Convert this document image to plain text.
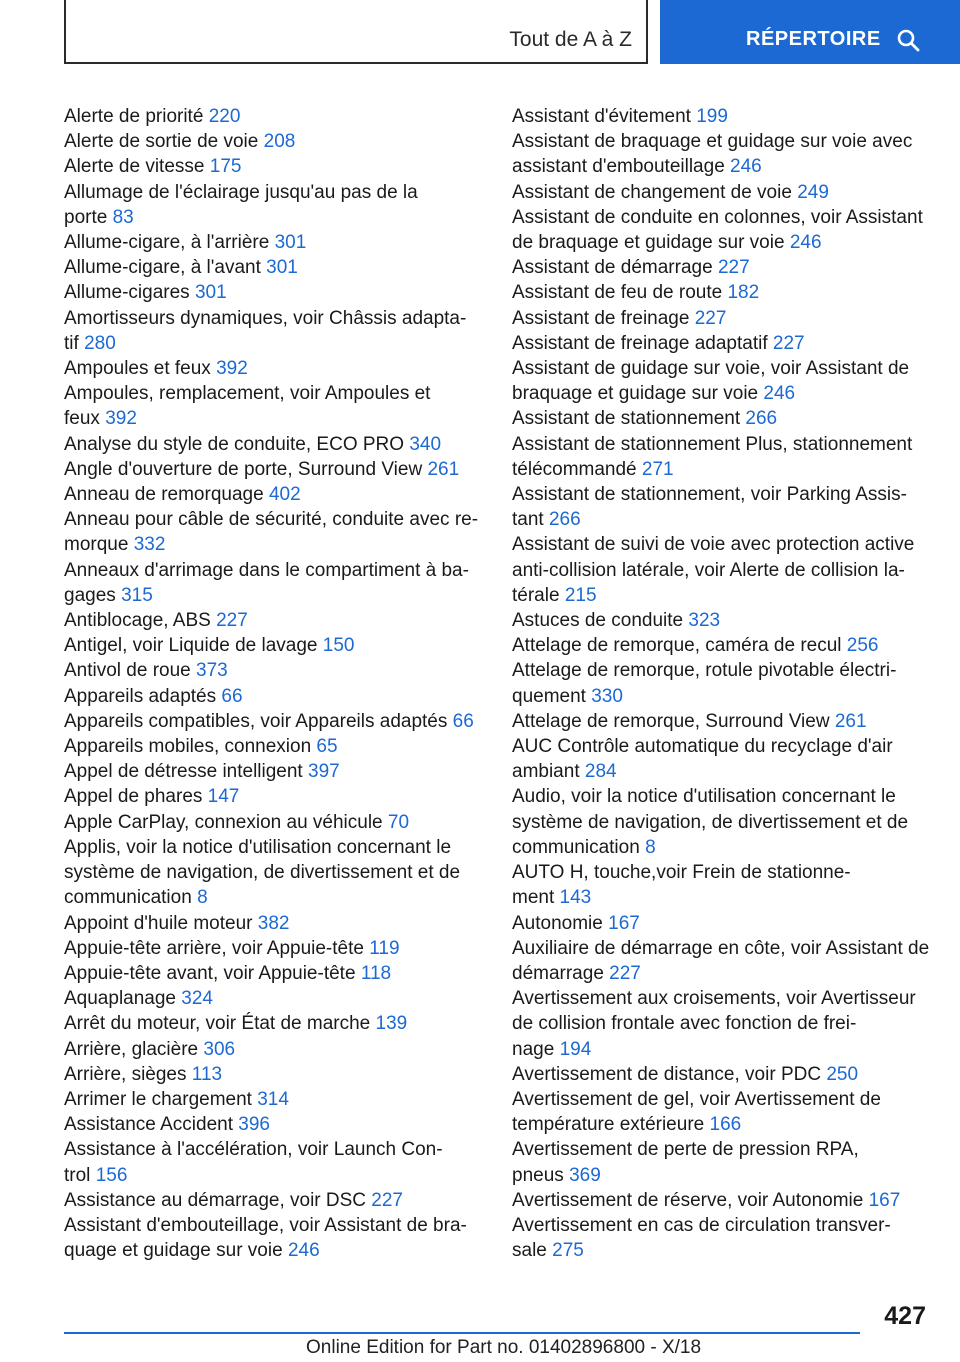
Tout de A à Z	RÉPERTOIRE
Alerte de priorité 220
Alerte de sortie de voie 208
Alerte de vitesse 175
Allumage de l'éclairage jusqu'au pas de la
porte 83
Allume-cigare, à l'arrière 301
Allume-cigare, à l'avant 301
Allume-cigares 301
Amortisseurs dynamiques, voir Châssis adapta‐
tif 280
Ampoules et feux 392
Ampoules, remplacement, voir Ampoules et
feux 392
Analyse du style de conduite, ECO PRO 340
Angle d'ouverture de porte, Surround View 261
Anneau de remorquage 402
Anneau pour câble de sécurité, conduite avec re‐
morque 332
Anneaux d'arrimage dans le compartiment à ba‐
gages 315
Antiblocage, ABS 227
Antigel, voir Liquide de lavage 150
Antivol de roue 373
Appareils adaptés 66
Appareils compatibles, voir Appareils adaptés 66
Appareils mobiles, connexion 65
Appel de détresse intelligent 397
Appel de phares 147
Apple CarPlay, connexion au véhicule 70
Applis, voir la notice d'utilisation concernant le
système de navigation, de divertissement et de
communication 8
Appoint d'huile moteur 382
Appuie-tête arrière, voir Appuie-tête 119
Appuie-tête avant, voir Appuie-tête 118
Aquaplanage 324
Arrêt du moteur, voir État de marche 139
Arrière, glacière 306
Arrière, sièges 113
Arrimer le chargement 314
Assistance Accident 396
Assistance à l'accélération, voir Launch Con‐
trol 156
Assistance au démarrage, voir DSC 227
Assistant d'embouteillage, voir Assistant de bra‐
quage et guidage sur voie 246
Assistant d'évitement 199
Assistant de braquage et guidage sur voie avec
assistant d'embouteillage 246
Assistant de changement de voie 249
Assistant de conduite en colonnes, voir Assistant
de braquage et guidage sur voie 246
Assistant de démarrage 227
Assistant de feu de route 182
Assistant de freinage 227
Assistant de freinage adaptatif 227
Assistant de guidage sur voie, voir Assistant de
braquage et guidage sur voie 246
Assistant de stationnement 266
Assistant de stationnement Plus, stationnement
télécommandé 271
Assistant de stationnement, voir Parking Assis‐
tant 266
Assistant de suivi de voie avec protection active
anti-collision latérale, voir Alerte de collision la‐
térale 215
Astuces de conduite 323
Attelage de remorque, caméra de recul 256
Attelage de remorque, rotule pivotable électri‐
quement 330
Attelage de remorque, Surround View 261
AUC Contrôle automatique du recyclage d'air
ambiant 284
Audio, voir la notice d'utilisation concernant le
système de navigation, de divertissement et de
communication 8
AUTO H, touche,voir Frein de stationne‐
ment 143
Autonomie 167
Auxiliaire de démarrage en côte, voir Assistant de
démarrage 227
Avertissement aux croisements, voir Avertisseur
de collision frontale avec fonction de frei‐
nage 194
Avertissement de distance, voir PDC 250
Avertissement de gel, voir Avertissement de
température extérieure 166
Avertissement de perte de pression RPA,
pneus 369
Avertissement de réserve, voir Autonomie 167
Avertissement en cas de circulation transver‐
sale 275
427
Online Edition for Part no. 01402896800 - X/18
